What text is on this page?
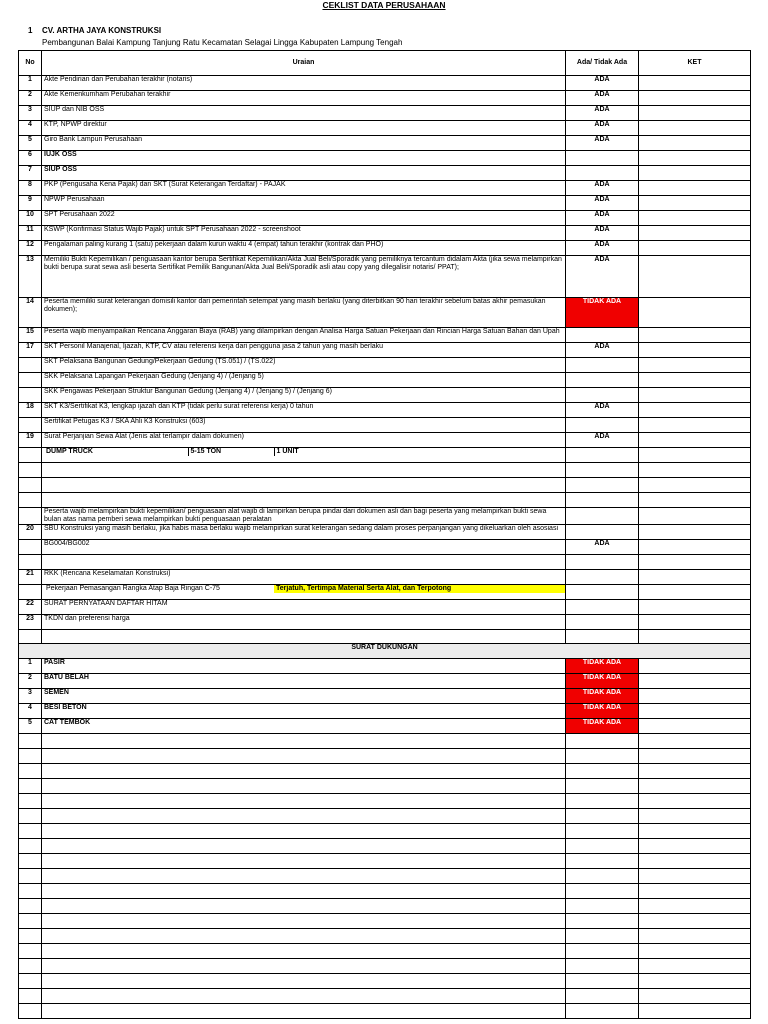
CEKLIST DATA PERUSAHAAN
1 CV. ARTHA JAYA KONSTRUKSI
Pembangunan Balai Kampung Tanjung Ratu Kecamatan Selagai Lingga Kabupaten Lampung Tengah
No	Uraian	Ada/ Tidak Ada	KET
1	Akte Pendirian dan Perubahan terakhir (notaris)	ADA	
2	Akte Kemenkumham Perubahan terakhir	ADA	
3	SIUP dan NIB OSS	ADA	
4	KTP, NPWP direktur	ADA	
5	Giro Bank Lampun Perusahaan	ADA	
6	IUJK OSS		
7	SIUP OSS		
8	PKP (Pengusaha Kena Pajak) dan SKT (Surat Keterangan Terdaftar) - PAJAK	ADA	
9	NPWP Perusahaan	ADA	
10	SPT Perusahaan 2022	ADA	
11	KSWP (Konfirmasi Status Wajib Pajak) untuk SPT Perusahaan 2022 - screenshoot	ADA	
12	Pengalaman paling kurang 1 (satu) pekerjaan dalam kurun waktu 4 (empat) tahun terakhir (kontrak dan PHO)	ADA	
13	Memiliki Bukti Kepemilikan / penguasaan kantor berupa Sertifikat Kepemilikan/Akta Jual Beli/Sporadik yang pemiliknya tercantum didalam Akta (jika sewa melampirkan bukti berupa surat sewa asli beserta Sertifikat Pemilik Bangunan/Akta Jual Beli/Sporadik asli atau copy yang dilegalisir notaris/ PPAT);	ADA	
14	Peserta memiliki surat keterangan domisili kantor dari pemerintah setempat yang masih berlaku (yang diterbitkan 90 hari terakhir sebelum batas akhir pemasukan dokumen);	TIDAK ADA	
15	Peserta wajib menyampaikan Rencana Anggaran Biaya (RAB) yang dilampirkan dengan Analisa Harga Satuan Pekerjaan dan Rincian Harga Satuan Bahan dan Upah		
17	SKT Personil Manajerial, Ijazah, KTP, CV atau referensi kerja dari pengguna jasa 2 tahun yang masih berlaku	ADA	
	SKT Pelaksana Bangunan Gedung/Pekerjaan Gedung (TS.051) / (TS.022)		
	SKK Pelaksana Lapangan Pekerjaan Gedung (Jenjang 4) / (Jenjang 5)		
	SKK Pengawas Pekerjaan Struktur Bangunan Gedung (Jenjang 4) / (Jenjang 5) / (Jenjang 6)		
18	SKT K3/Sertifikat K3, lengkap ijazah dan KTP (tidak perlu surat referensi kerja) 0 tahun	ADA	
	Sertifikat Petugas K3 / SKA Ahli K3 Konstruksi (603)		
19	Surat Perjanjian Sewa Alat (Jenis alat terlampir dalam dokumen)	ADA	

DUMP TRUCK	5-15 TON	1 UNIT

	Peserta wajib melampirkan bukti kepemilikan/ penguasaan alat wajib di lampirkan berupa pindai dari dokumen asli dan bagi peserta yang melampirkan bukti sewa bulan atas nama pemberi sewa melampirkan bukti penguasaan peralatan		
20	SBU Konstruksi yang masih berlaku, jika habis masa berlaku wajib melampirkan surat keterangan sedang dalam proses perpanjangan yang dikeluarkan oleh asosiasi		
	BG004/BG002	ADA	

21	RKK (Rencana Keselamatan Konstruksi)		

Pekerjaan Pemasangan Rangka Atap Baja Ringan C-75	Terjatuh, Tertimpa Material Serta Alat, dan Terpotong

22	SURAT PERNYATAAN DAFTAR HITAM		
23	TKDN dan preferensi harga		

SURAT DUKUNGAN
1	PASIR	TIDAK ADA	
2	BATU BELAH	TIDAK ADA	
3	SEMEN	TIDAK ADA	
4	BESI BETON	TIDAK ADA	
5	CAT TEMBOK	TIDAK ADA	
